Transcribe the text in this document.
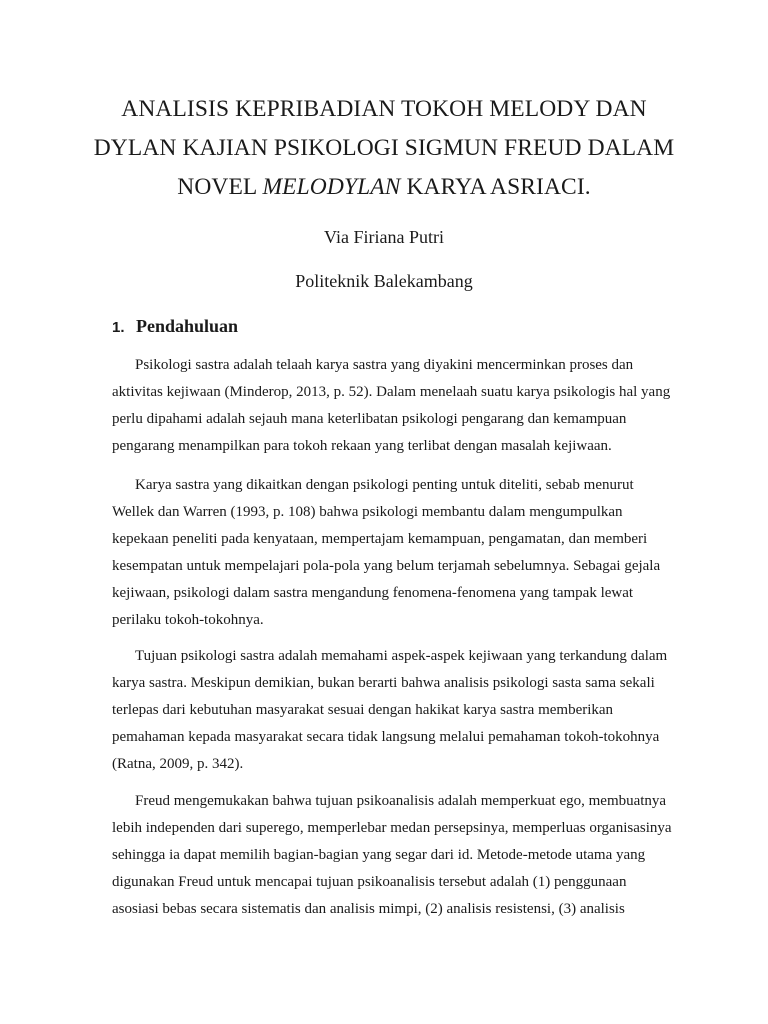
ANALISIS KEPRIBADIAN TOKOH MELODY DAN
DYLAN KAJIAN PSIKOLOGI SIGMUN FREUD DALAM
NOVEL MELODYLAN KARYA ASRIACI.

Via Firiana Putri

Politeknik Balekambang

1. Pendahuluan

Psikologi sastra adalah telaah karya sastra yang diyakini mencerminkan proses dan
aktivitas kejiwaan (Minderop, 2013, p. 52). Dalam menelaah suatu karya psikologis hal yang
perlu dipahami adalah sejauh mana keterlibatan psikologi pengarang dan kemampuan
pengarang menampilkan para tokoh rekaan yang terlibat dengan masalah kejiwaan.

Karya sastra yang dikaitkan dengan psikologi penting untuk diteliti, sebab menurut
Wellek dan Warren (1993, p. 108) bahwa psikologi membantu dalam mengumpulkan
kepekaan peneliti pada kenyataan, mempertajam kemampuan, pengamatan, dan memberi
kesempatan untuk mempelajari pola-pola yang belum terjamah sebelumnya. Sebagai gejala
kejiwaan, psikologi dalam sastra mengandung fenomena-fenomena yang tampak lewat
perilaku tokoh-tokohnya.

Tujuan psikologi sastra adalah memahami aspek-aspek kejiwaan yang terkandung dalam
karya sastra. Meskipun demikian, bukan berarti bahwa analisis psikologi sasta sama sekali
terlepas dari kebutuhan masyarakat sesuai dengan hakikat karya sastra memberikan
pemahaman kepada masyarakat secara tidak langsung melalui pemahaman tokoh-tokohnya
(Ratna, 2009, p. 342).

Freud mengemukakan bahwa tujuan psikoanalisis adalah memperkuat ego, membuatnya
lebih independen dari superego, memperlebar medan persepsinya, memperluas organisasinya
sehingga ia dapat memilih bagian-bagian yang segar dari id. Metode-metode utama yang
digunakan Freud untuk mencapai tujuan psikoanalisis tersebut adalah (1) penggunaan
asosiasi bebas secara sistematis dan analisis mimpi, (2) analisis resistensi, (3) analisis
